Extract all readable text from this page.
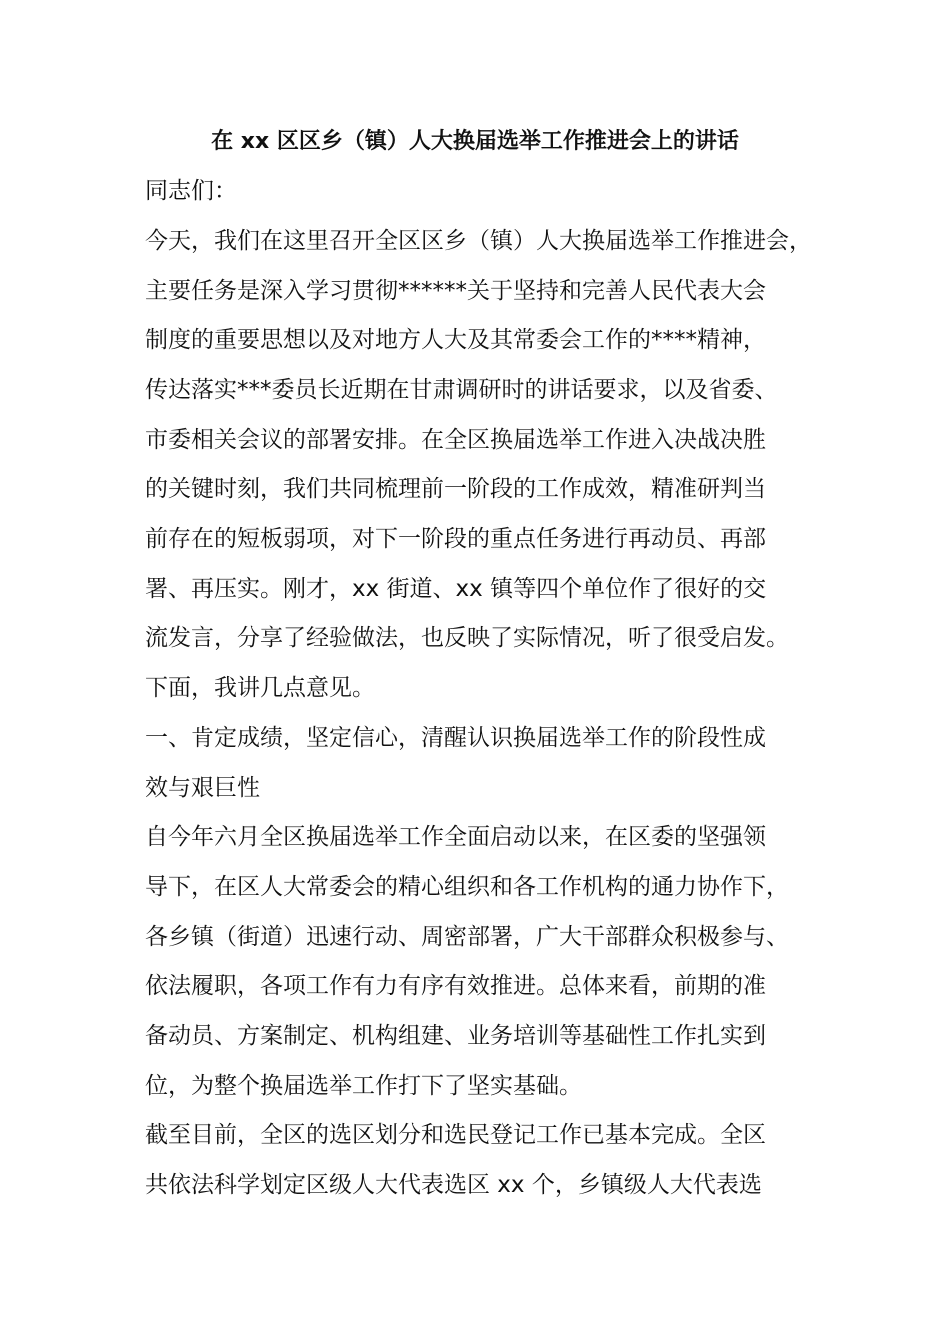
在 xx 区区乡（镇）人大换届选举工作推进会上的讲话
同志们：
今天，我们在这里召开全区区乡（镇）人大换届选举工作推进会，
主要任务是深入学习贯彻******关于坚持和完善人民代表大会
制度的重要思想以及对地方人大及其常委会工作的****精神，
传达落实***委员长近期在甘肃调研时的讲话要求，以及省委、
市委相关会议的部署安排。在全区换届选举工作进入决战决胜
的关键时刻，我们共同梳理前一阶段的工作成效，精准研判当
前存在的短板弱项，对下一阶段的重点任务进行再动员、再部
署、再压实。刚才，xx 街道、xx 镇等四个单位作了很好的交
流发言，分享了经验做法，也反映了实际情况，听了很受启发。
下面，我讲几点意见。
一、肯定成绩，坚定信心，清醒认识换届选举工作的阶段性成
效与艰巨性
自今年六月全区换届选举工作全面启动以来，在区委的坚强领
导下，在区人大常委会的精心组织和各工作机构的通力协作下，
各乡镇（街道）迅速行动、周密部署，广大干部群众积极参与、
依法履职，各项工作有力有序有效推进。总体来看，前期的准
备动员、方案制定、机构组建、业务培训等基础性工作扎实到
位，为整个换届选举工作打下了坚实基础。
截至目前，全区的选区划分和选民登记工作已基本完成。全区
共依法科学划定区级人大代表选区 xx 个，乡镇级人大代表选
